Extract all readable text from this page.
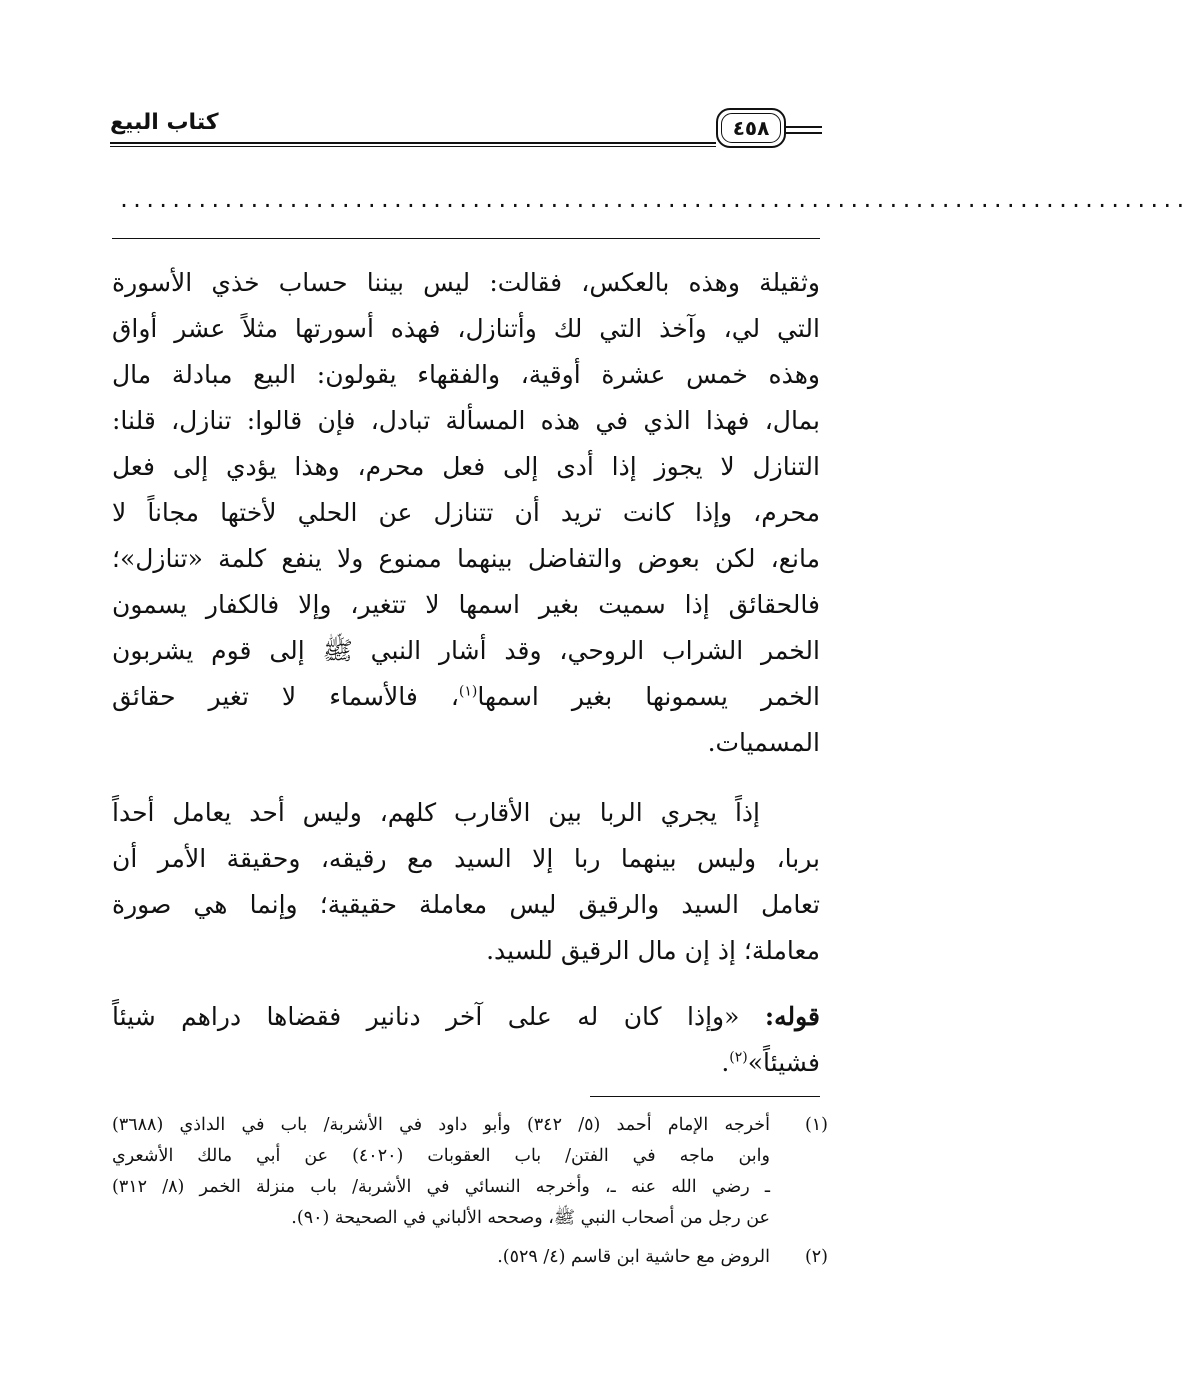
كتاب البيع	٤٥٨
..................................................................................
وثقيلة وهذه بالعكس، فقالت: ليس بيننا حساب خذي الأسورة
التي لي، وآخذ التي لك وأتنازل، فهذه أسورتها مثلاً عشر أواق
وهذه خمس عشرة أوقية، والفقهاء يقولون: البيع مبادلة مال
بمال، فهذا الذي في هذه المسألة تبادل، فإن قالوا: تنازل، قلنا:
التنازل لا يجوز إذا أدى إلى فعل محرم، وهذا يؤدي إلى فعل
محرم، وإذا كانت تريد أن تتنازل عن الحلي لأختها مجاناً لا
مانع، لكن بعوض والتفاضل بينهما ممنوع ولا ينفع كلمة «تنازل»؛
فالحقائق إذا سميت بغير اسمها لا تتغير، وإلا فالكفار يسمون
الخمر الشراب الروحي، وقد أشار النبي ﷺ إلى قوم يشربون
الخمر يسمونها بغير اسمها$^{(١)}$، فالأسماء لا تغير حقائق
المسميات.
إذاً يجري الربا بين الأقارب كلهم، وليس أحد يعامل أحداً
بربا، وليس بينهما ربا إلا السيد مع رقيقه، وحقيقة الأمر أن
تعامل السيد والرقيق ليس معاملة حقيقية؛ وإنما هي صورة
معاملة؛ إذ إن مال الرقيق للسيد.
قوله: «وإذا كان له على آخر دنانير فقضاها دراهم شيئاً
فشيئاً»$^{(٢)}$.
(١)
أخرجه الإمام أحمد (٥/ ٣٤٢) وأبو داود في الأشربة/ باب في الداذي (٣٦٨٨)
وابن ماجه في الفتن/ باب العقوبات (٤٠٢٠) عن أبي مالك الأشعري
ـ رضي الله عنه ـ، وأخرجه النسائي في الأشربة/ باب منزلة الخمر (٨/ ٣١٢)
عن رجل من أصحاب النبي ﷺ، وصححه الألباني في الصحيحة (٩٠).
(٢)
الروض مع حاشية ابن قاسم (٤/ ٥٢٩).
